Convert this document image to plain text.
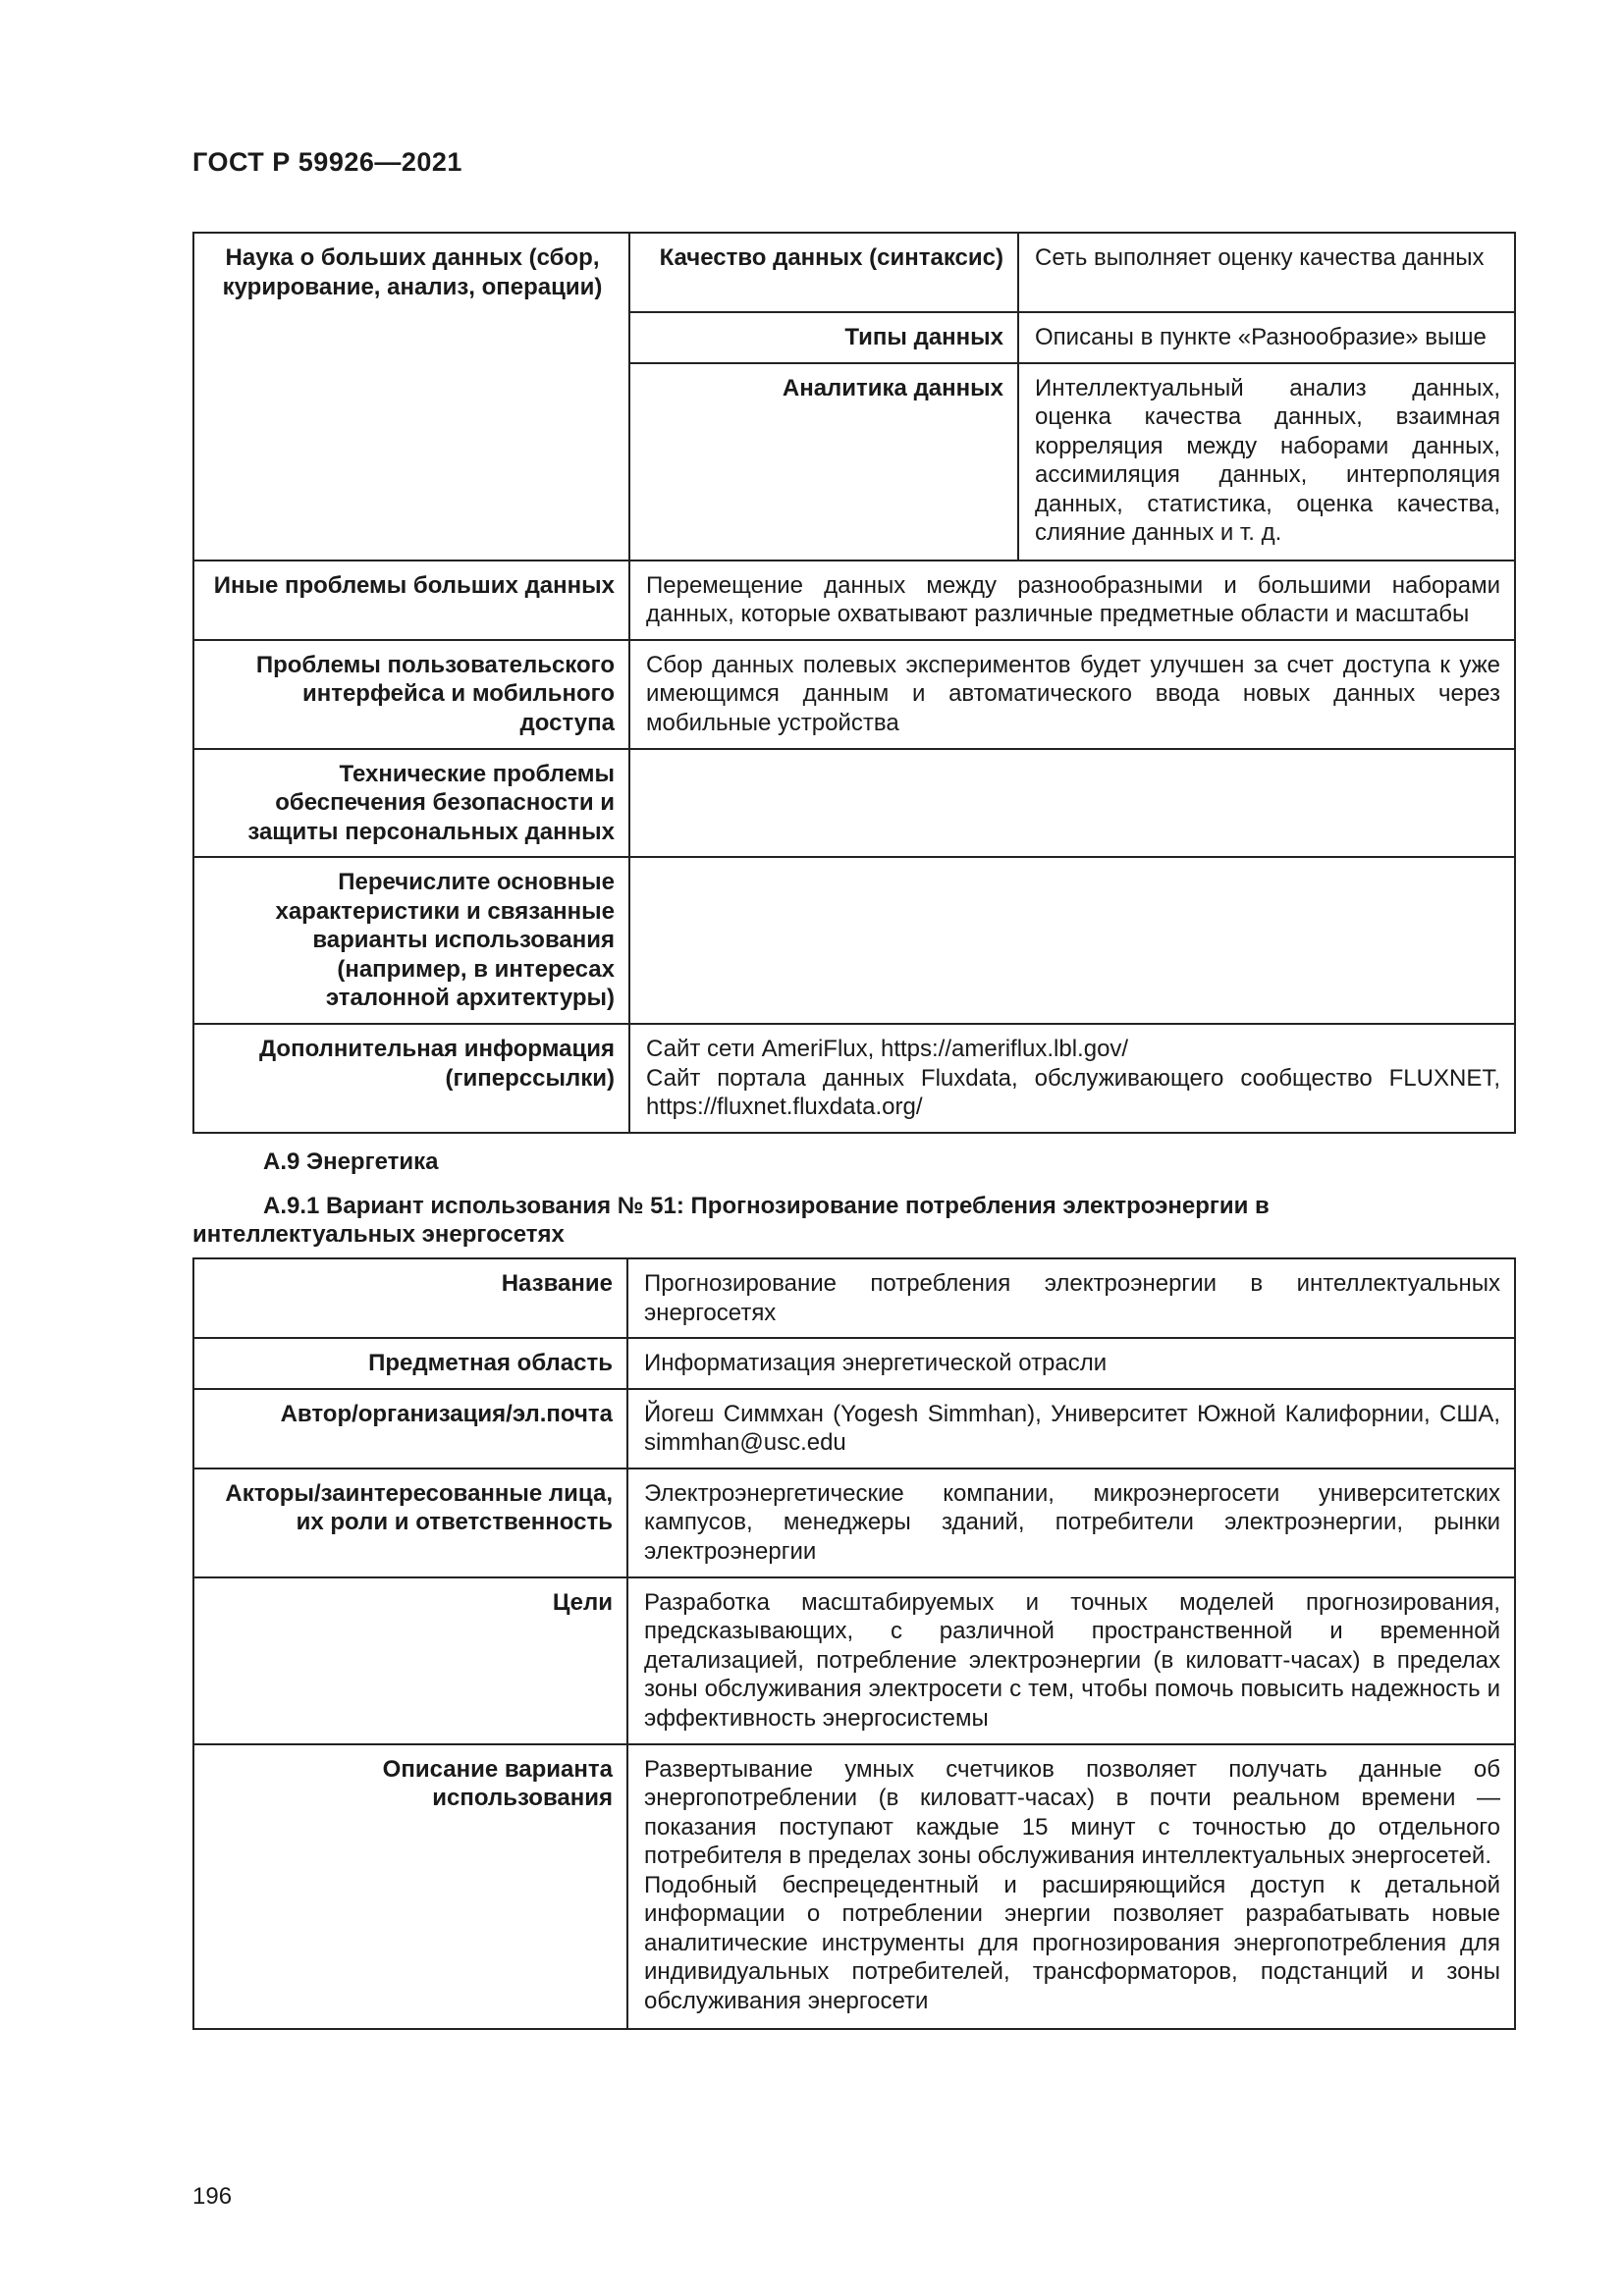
ГОСТ Р 59926—2021
Наука о больших данных (сбор, курирование, анализ, операции)	Качество данных (синтаксис)	Сеть выполняет оценку качества данных
	Типы данных	Описаны в пункте «Разнообразие» выше
	Аналитика данных	Интеллектуальный анализ данных, оценка качества данных, взаимная корреляция между наборами данных, ассимиляция данных, интерполяция данных, статистика, оценка качества, слияние данных и т. д.
Иные проблемы больших данных	Перемещение данных между разнообразными и большими наборами данных, которые охватывают различные предметные области и масштабы	
Проблемы пользовательского интерфейса и мобильного доступа	Сбор данных полевых экспериментов будет улучшен за счет доступа к уже имеющимся данным и автоматического ввода новых данных через мобильные устройства	
Технические проблемы обеспечения безопасности и защиты персональных данных		
Перечислите основные характеристики и связанные варианты использования (например, в интересах эталонной архитектуры)		
Дополнительная информация (гиперссылки)	Сайт сети AmeriFlux, https://ameriflux.lbl.gov/
Сайт портала данных Fluxdata, обслуживающего сообщество FLUXNET, https://fluxnet.fluxdata.org/	
А.9 Энергетика
А.9.1 Вариант использования № 51: Прогнозирование потребления электроэнергии в интеллектуальных энергосетях
Название	Прогнозирование потребления электроэнергии в интеллектуальных энергосетях
Предметная область	Информатизация энергетической отрасли
Автор/организация/эл.почта	Йогеш Симмхан (Yogesh Simmhan), Университет Южной Калифорнии, США, simmhan@usc.edu
Акторы/заинтересованные лица, их роли и ответственность	Электроэнергетические компании, микроэнергосети университетских кампусов, менеджеры зданий, потребители электроэнергии, рынки электроэнергии
Цели	Разработка масштабируемых и точных моделей прогнозирования, предсказывающих, с различной пространственной и временной детализацией, потребление электроэнергии (в киловатт-часах) в пределах зоны обслуживания электросети с тем, чтобы помочь повысить надежность и эффективность энергосистемы
Описание варианта использования	Развертывание умных счетчиков позволяет получать данные об энергопотреблении (в киловатт-часах) в почти реальном времени — показания поступают каждые 15 минут с точностью до отдельного потребителя в пределах зоны обслуживания интеллектуальных энергосетей.
Подобный беспрецедентный и расширяющийся доступ к детальной информации о потреблении энергии позволяет разрабатывать новые аналитические инструменты для прогнозирования энергопотребления для индивидуальных потребителей, трансформаторов, подстанций и зоны обслуживания энергосети
196
